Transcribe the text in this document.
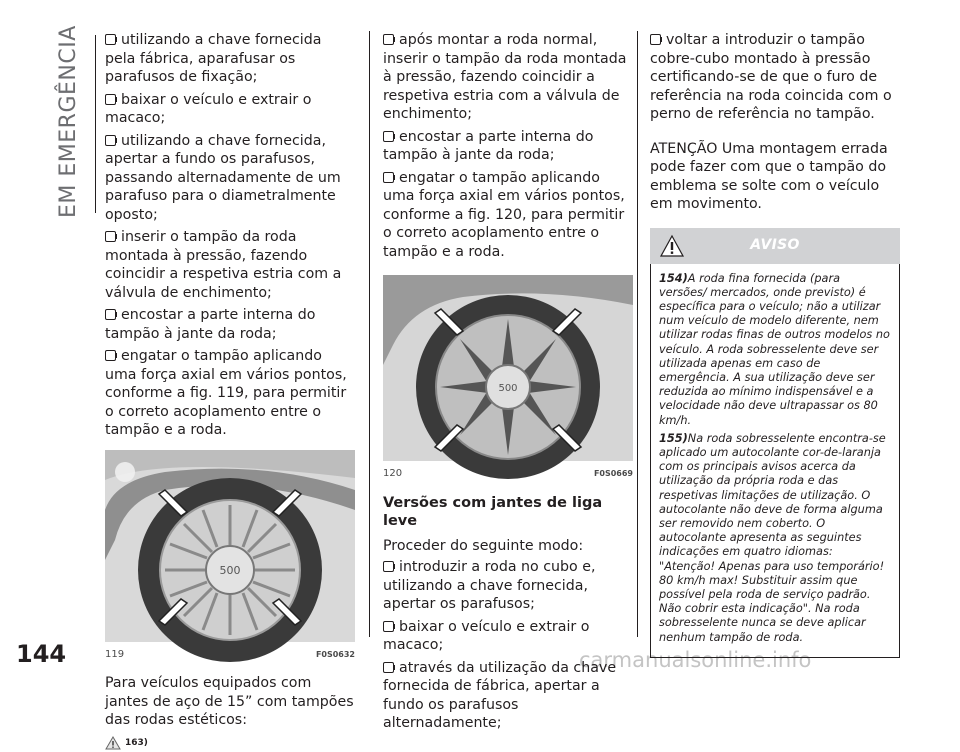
EM EMERGÊNCIA
144	carmanualsonline.info

utilizando a chave fornecida pela fábrica, aparafusar os parafusos de fixação;

baixar o veículo e extrair o macaco;

utilizando a chave fornecida, apertar a fundo os parafusos, passando alternadamente de um parafuso para o diametralmente oposto;

inserir o tampão da roda montada à pressão, fazendo coincidir a respetiva estria com a válvula de enchimento;

encostar a parte interna do tampão à jante da roda;

engatar o tampão aplicando uma força axial em vários pontos, conforme a fig. 119, para permitir o correto acoplamento entre o tampão e a roda.

500
119	F0S0632

Para veículos equipados com jantes de aço de 15” com tampões das rodas estéticos:

163)

após montar a roda normal, inserir o tampão da roda montada à pressão, fazendo coincidir a respetiva estria com a válvula de enchimento;

encostar a parte interna do tampão à jante da roda;

engatar o tampão aplicando uma força axial em vários pontos, conforme a fig. 120, para permitir o correto acoplamento entre o tampão e a roda.

500
120	F0S0669
Versões com jantes de liga leve

Proceder do seguinte modo:

introduzir a roda no cubo e, utilizando a chave fornecida, apertar os parafusos;

baixar o veículo e extrair o macaco;

através da utilização da chave fornecida de fábrica, apertar a fundo os parafusos alternadamente;

voltar a introduzir o tampão cobre-cubo montado à pressão certificando-se de que o furo de referência na roda coincida com o perno de referência no tampão.

ATENÇÃO Uma montagem errada pode fazer com que o tampão do emblema se solte com o veículo em movimento.

AVISO

154)A roda fina fornecida (para versões/ mercados, onde previsto) é específica para o veículo; não a utilizar num veículo de modelo diferente, nem utilizar rodas finas de outros modelos no veículo. A roda sobresselente deve ser utilizada apenas em caso de emergência. A sua utilização deve ser reduzida ao mínimo indispensável e a velocidade não deve ultrapassar os 80 km/h.

155)Na roda sobresselente encontra-se aplicado um autocolante cor-de-laranja com os principais avisos acerca da utilização da própria roda e das respetivas limitações de utilização. O autocolante não deve de forma alguma ser removido nem coberto. O autocolante apresenta as seguintes indicações em quatro idiomas: "Atenção! Apenas para uso temporário! 80 km/h max! Substituir assim que possível pela roda de serviço padrão. Não cobrir esta indicação". Na roda sobresselente nunca se deve aplicar nenhum tampão de roda.
